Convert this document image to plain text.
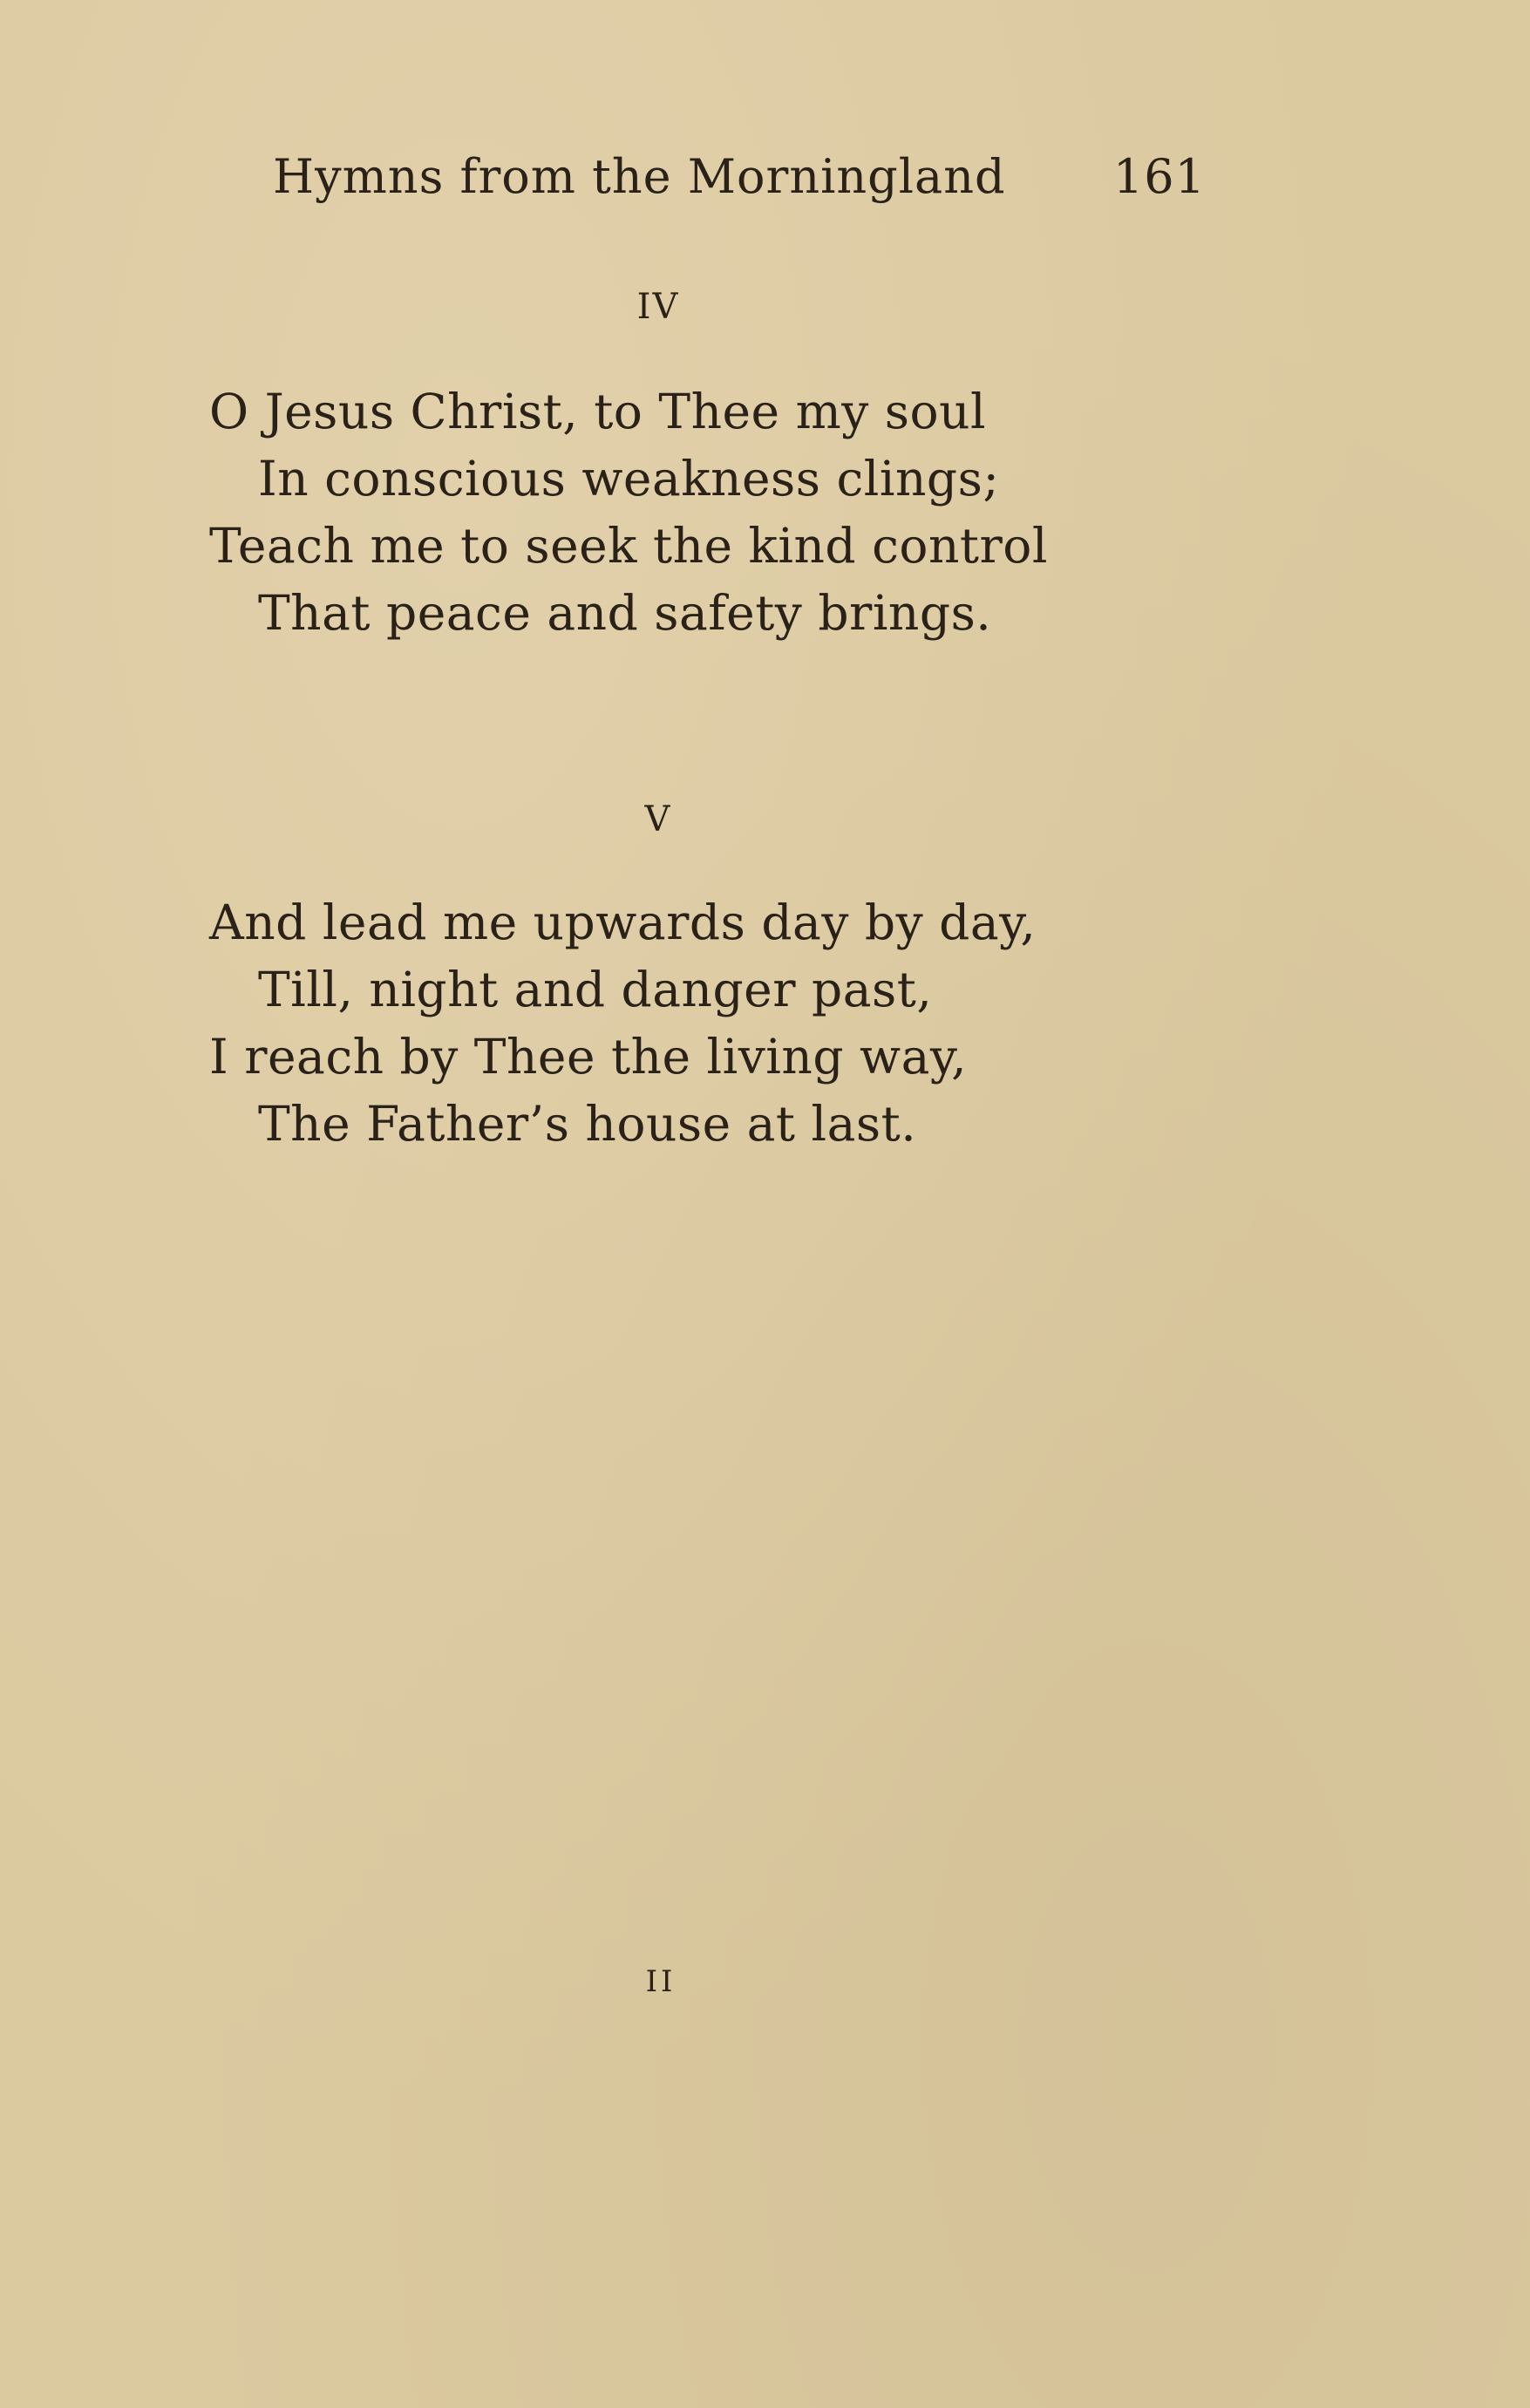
Hymns from the Morningland 161
IV
O Jesus Christ, to Thee my soul
In conscious weakness clings;
Teach me to seek the kind control
That peace and safety brings.
V
And lead me upwards day by day,
Till, night and danger past,
I reach by Thee the living way,
The Father’s house at last.
II
